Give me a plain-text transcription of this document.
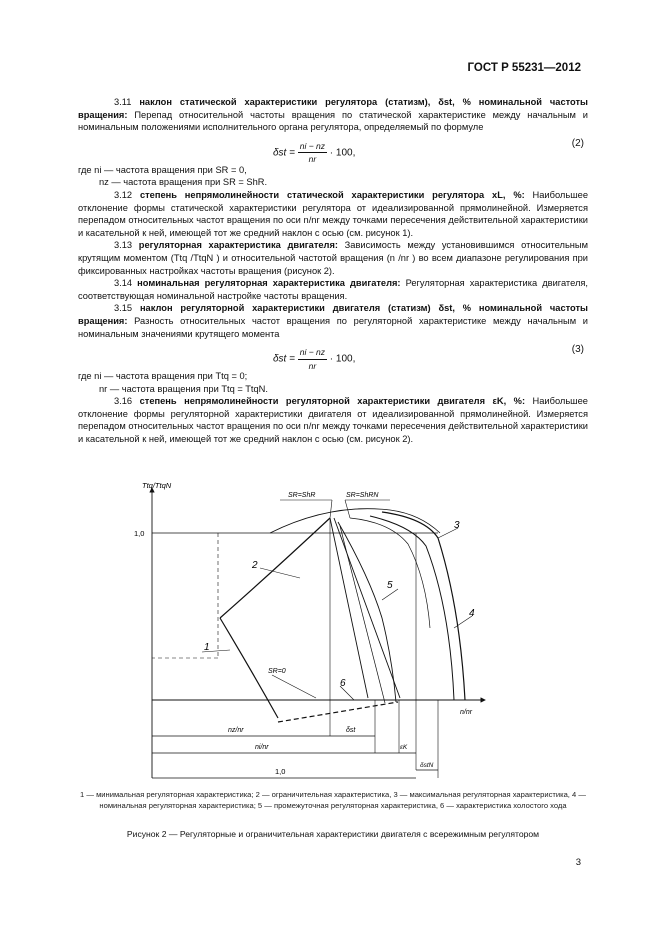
ГОСТ Р 55231—2012

3.11 наклон статической характеристики регулятора (статизм), δst, % номинальной частоты вращения: Перепад относительной частоты вращения по статической характеристике между начальным и номинальным положениями исполнительного органа регулятора, определяемый по формуле

$\delta st = \frac{ni - nz}{nr} \cdot 100$,
(2)

где ni — частота вращения при SR = 0,

nz — частота вращения при SR = ShR.

3.12 степень непрямолинейности статической характеристики регулятора xL, %: Наибольшее отклонение формы статической характеристики регулятора от идеализированной прямолинейной. Измеряется перепадом относительных частот вращения по оси n/nr между точками пересечения действительной характеристики и касательной к ней, имеющей тот же средний наклон с осью (см. рисунок 1).

3.13 регуляторная характеристика двигателя: Зависимость между установившимся относительным крутящим моментом (Ttq /TtqN ) и относительной частотой вращения (n /nr ) во всем диапазоне регулирования при фиксированных настройках частоты вращения (рисунок 2).

3.14 номинальная регуляторная характеристика двигателя: Регуляторная характеристика двигателя, соответствующая номинальной настройке частоты вращения.

3.15 наклон регуляторной характеристики двигателя (статизм) δst, % номинальной частоты вращения: Разность относительных частот вращения по регуляторной характеристике между начальным и номинальным значениями крутящего момента

$\delta st = \frac{ni - nz}{nr} \cdot 100$,
(3)

где ni — частота вращения при Ttq = 0;

nr — частота вращения при Ttq = TtqN.

3.16 степень непрямолинейности регуляторной характеристики двигателя εK, %: Наибольшее отклонение формы регуляторной характеристики двигателя от идеализированной прямолинейной. Измеряется перепадом относительных частот вращения по оси n/nr между точками пересечения действительной характеристики и касательной к ней, имеющей тот же средний наклон с осью (см. рисунок 2).

Ttq/TtqN
n/nr
1,0
SR=0
SR=ShR	SR=ShRN
2
1
3
4
5
6
nz/nr	δst
ni/nr	εK
1,0
δstN
1 — минимальная регуляторная характеристика; 2 — ограничительная характеристика, 3 — максимальная регуляторная характеристика, 4 — номинальная регуляторная характеристика; 5 — промежуточная регуляторная характеристика, 6 — характеристика холостого хода
Рисунок 2 — Регуляторные и ограничительная характеристики двигателя с всережимным регулятором
3
